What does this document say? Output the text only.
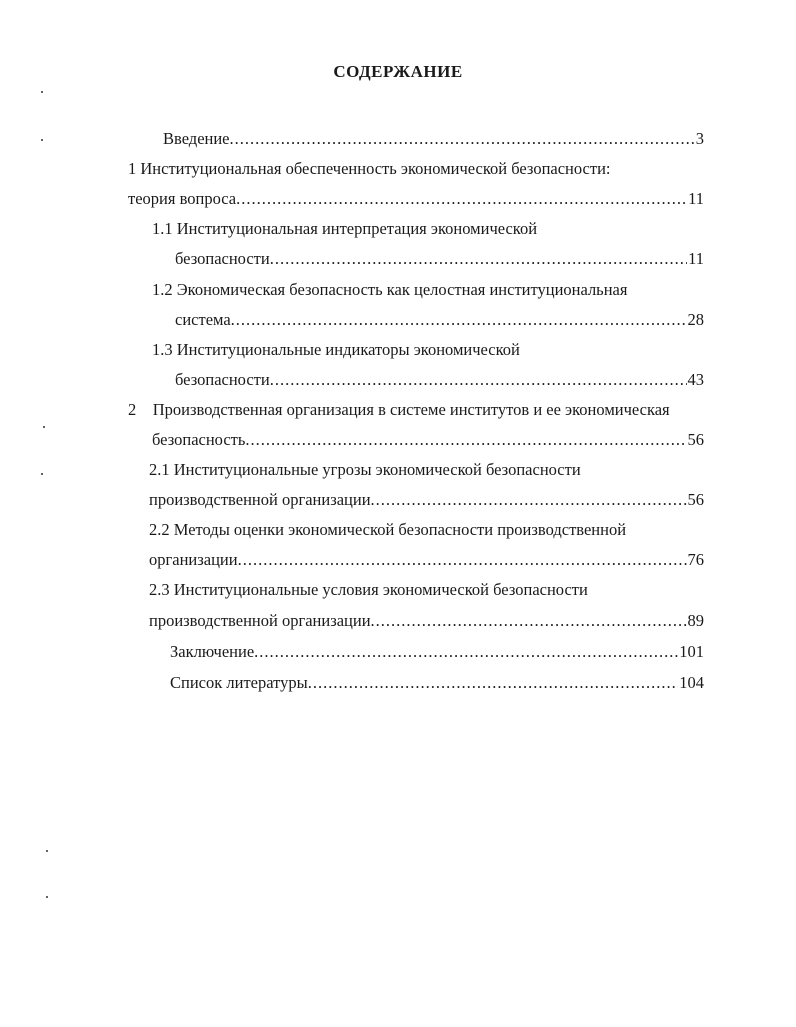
СОДЕРЖАНИЕ
Введение .....	3
1 Институциональная обеспеченность экономической безопасности:
теория вопроса .....	11
1.1 Институциональная интерпретация экономической
безопасности .....	11
1.2 Экономическая безопасность как целостная институциональная
система .....	28
1.3 Институциональные индикаторы экономической
безопасности .....	43
2    Производственная организация в системе институтов и ее экономическая
безопасность .....	56
2.1 Институциональные угрозы экономической безопасности
производственной организации .....	56
2.2 Методы оценки экономической безопасности производственной
организации .....	76
2.3 Институциональные условия экономической безопасности
производственной организации .....	89
Заключение .....	101
Список литературы .....	104
